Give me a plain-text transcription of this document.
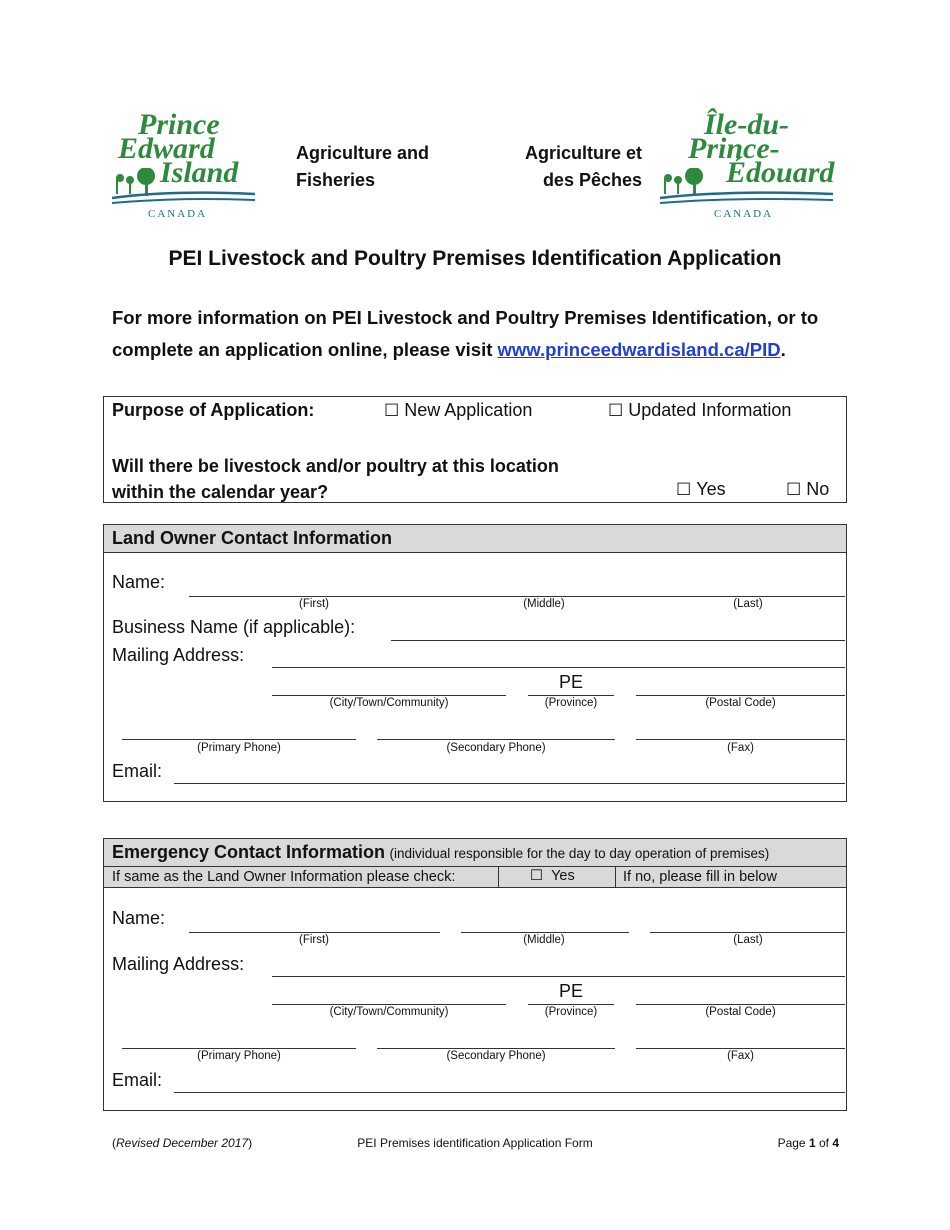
Prince
Edward
Island
CANADA
Agriculture and
Fisheries
Agriculture et
des Pêches
Île-du-
Prince-
Édouard
CANADA
PEI Livestock and Poultry Premises Identification Application
For more information on PEI Livestock and Poultry Premises Identification, or to
complete an application online, please visit www.princeedwardisland.ca/PID.
Purpose of Application:	☐ New Application	☐ Updated Information
Will there be livestock and/or poultry at this location
within the calendar year?	☐ Yes	☐ No
Land Owner Contact Information
Name:
(First)	(Middle)	(Last)
Business Name (if applicable):
Mailing Address:
PE
(City/Town/Community)	(Province)	(Postal Code)
(Primary Phone)	(Secondary Phone)	(Fax)
Email:
Emergency Contact Information (individual responsible for the day to day operation of premises)
If same as the Land Owner Information please check:	☐ Yes	If no, please fill in below
Name:
(First)	(Middle)	(Last)
Mailing Address:
PE
(City/Town/Community)	(Province)	(Postal Code)
(Primary Phone)	(Secondary Phone)	(Fax)
Email:
(Revised December 2017)	PEI Premises identification Application Form	Page 1 of 4
